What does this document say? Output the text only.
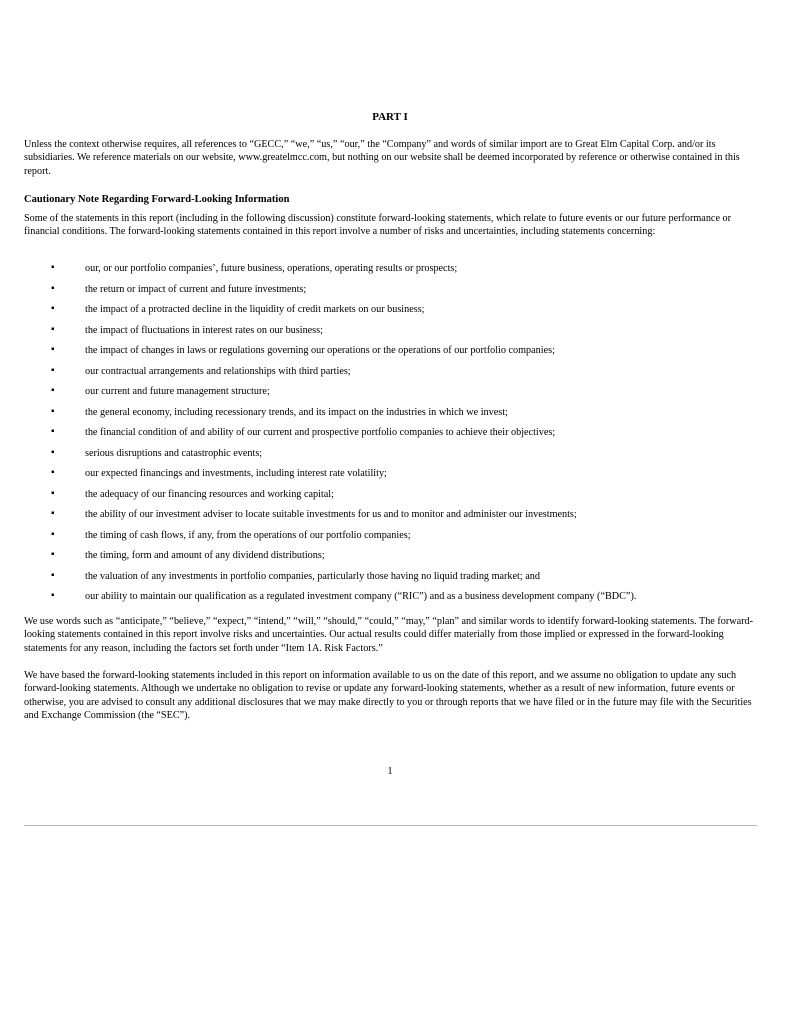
PART I

Unless the context otherwise requires, all references to “GECC,” “we,” “us,” “our,” the “Company” and words of similar import are to Great Elm Capital Corp. and/or its subsidiaries. We reference materials on our website, www.greatelmcc.com, but nothing on our website shall be deemed incorporated by reference or otherwise contained in this report.

Cautionary Note Regarding Forward-Looking Information

Some of the statements in this report (including in the following discussion) constitute forward-looking statements, which relate to future events or our future performance or financial conditions. The forward-looking statements contained in this report involve a number of risks and uncertainties, including statements concerning:

▪	our, or our portfolio companies’, future business, operations, operating results or prospects;
▪	the return or impact of current and future investments;
▪	the impact of a protracted decline in the liquidity of credit markets on our business;
▪	the impact of fluctuations in interest rates on our business;
▪	the impact of changes in laws or regulations governing our operations or the operations of our portfolio companies;
▪	our contractual arrangements and relationships with third parties;
▪	our current and future management structure;
▪	the general economy, including recessionary trends, and its impact on the industries in which we invest;
▪	the financial condition of and ability of our current and prospective portfolio companies to achieve their objectives;
▪	serious disruptions and catastrophic events;
▪	our expected financings and investments, including interest rate volatility;
▪	the adequacy of our financing resources and working capital;
▪	the ability of our investment adviser to locate suitable investments for us and to monitor and administer our investments;
▪	the timing of cash flows, if any, from the operations of our portfolio companies;
▪	the timing, form and amount of any dividend distributions;
▪	the valuation of any investments in portfolio companies, particularly those having no liquid trading market; and
▪	our ability to maintain our qualification as a regulated investment company (“RIC”) and as a business development company (“BDC”).

We use words such as “anticipate,” “believe,” “expect,” “intend,” “will,” “should,” “could,” “may,” “plan” and similar words to identify forward-looking statements. The forward-looking statements contained in this report involve risks and uncertainties. Our actual results could differ materially from those implied or expressed in the forward-looking statements for any reason, including the factors set forth under “Item 1A. Risk Factors.”

We have based the forward-looking statements included in this report on information available to us on the date of this report, and we assume no obligation to update any such forward-looking statements. Although we undertake no obligation to revise or update any forward-looking statements, whether as a result of new information, future events or otherwise, you are advised to consult any additional disclosures that we may make directly to you or through reports that we have filed or in the future may file with the Securities and Exchange Commission (the “SEC”).

1
